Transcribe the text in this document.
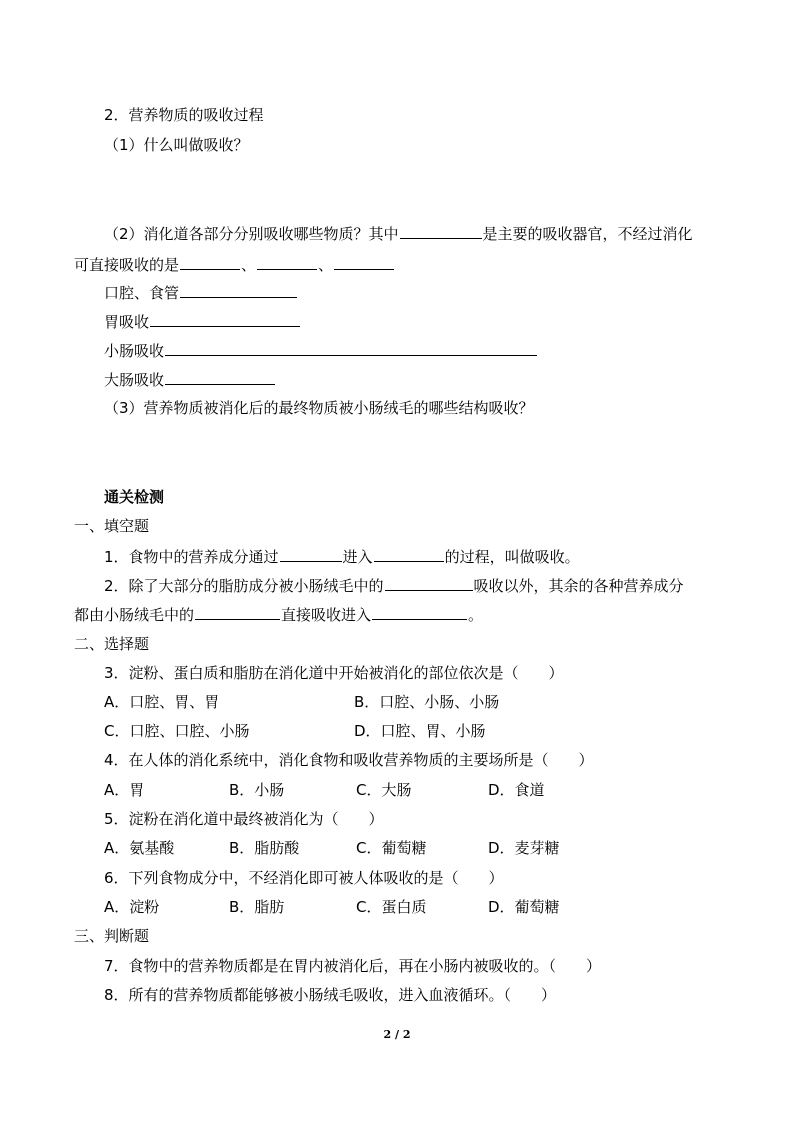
2．营养物质的吸收过程
（1）什么叫做吸收？
（2）消化道各部分分别吸收哪些物质？其中	是主要的吸收器官，不经过消化
可直接吸收的是	、	、
口腔、食管
胃吸收
小肠吸收
大肠吸收
（3）营养物质被消化后的最终物质被小肠绒毛的哪些结构吸收？
通关检测
一、填空题
1．食物中的营养成分通过	进入	的过程，叫做吸收。
2．除了大部分的脂肪成分被小肠绒毛中的	吸收以外，其余的各种营养成分
都由小肠绒毛中的	直接吸收进入	。
二、选择题
3．淀粉、蛋白质和脂肪在消化道中开始被消化的部位依次是（　　）
A．口腔、胃、胃	B．口腔、小肠、小肠
C．口腔、口腔、小肠	D．口腔、胃、小肠
4．在人体的消化系统中，消化食物和吸收营养物质的主要场所是（　　）
A．胃	B．小肠	C．大肠	D．食道
5．淀粉在消化道中最终被消化为（　　）
A．氨基酸	B．脂肪酸	C．葡萄糖	D．麦芽糖
6．下列食物成分中，不经消化即可被人体吸收的是（　　）
A．淀粉	B．脂肪	C．蛋白质	D．葡萄糖
三、判断题
7．食物中的营养物质都是在胃内被消化后，再在小肠内被吸收的。（　　）
8．所有的营养物质都能够被小肠绒毛吸收，进入血液循环。（　　）
2 / 2
